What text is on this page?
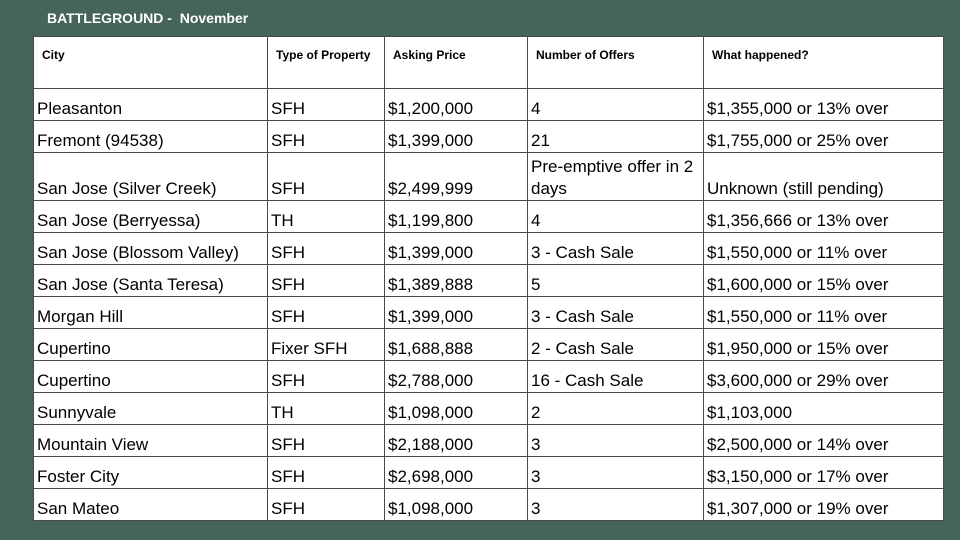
BATTLEGROUND -  November
City	Type of Property	Asking Price	Number of Offers	What happened?
Pleasanton	SFH	$1,200,000	4	$1,355,000 or 13% over
Fremont (94538)	SFH	$1,399,000	21	$1,755,000 or 25% over
San Jose (Silver Creek)	SFH	$2,499,999	Pre-emptive offer in 2 days	Unknown (still pending)
San Jose (Berryessa)	TH	$1,199,800	4	$1,356,666 or 13% over
San Jose (Blossom Valley)	SFH	$1,399,000	3 - Cash Sale	$1,550,000 or 11% over
San Jose (Santa Teresa)	SFH	$1,389,888	5	$1,600,000 or 15% over
Morgan Hill	SFH	$1,399,000	3 - Cash Sale	$1,550,000 or 11% over
Cupertino	Fixer SFH	$1,688,888	2 - Cash Sale	$1,950,000 or 15% over
Cupertino	SFH	$2,788,000	16 - Cash Sale	$3,600,000 or 29% over
Sunnyvale	TH	$1,098,000	2	$1,103,000
Mountain View	SFH	$2,188,000	3	$2,500,000 or 14% over
Foster City	SFH	$2,698,000	3	$3,150,000 or 17% over
San Mateo	SFH	$1,098,000	3	$1,307,000 or 19% over
